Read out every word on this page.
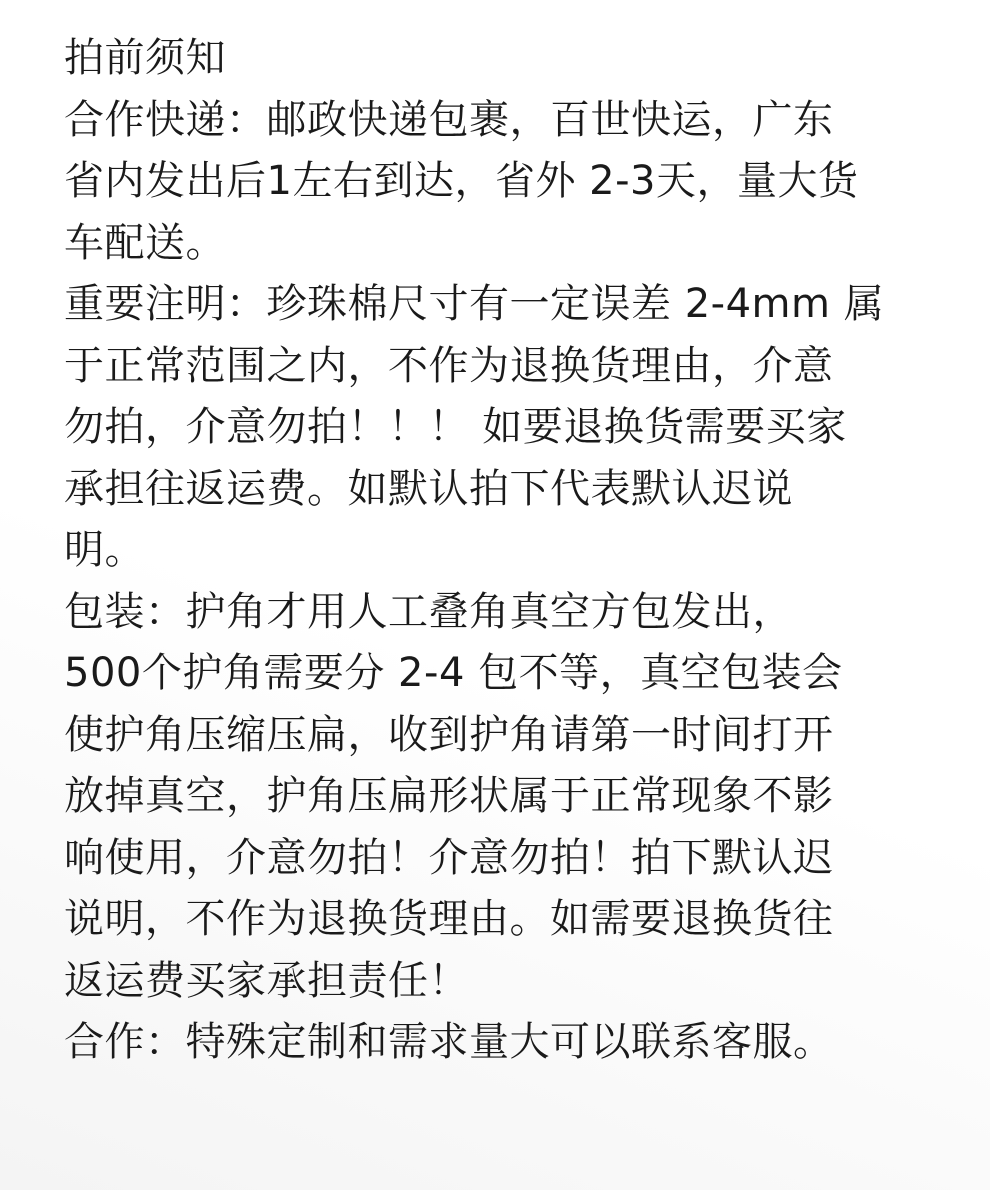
拍前须知
合作快递：邮政快递包裹，百世快运，广东
省内发出后1左右到达，省外 2-3天，量大货
车配送。
重要注明：珍珠棉尺寸有一定误差 2-4mm 属
于正常范围之内，不作为退换货理由，介意
勿拍，介意勿拍！！！ 如要退换货需要买家
承担往返运费。如默认拍下代表默认迟说
明。
包装：护角才用人工叠角真空方包发出，
500个护角需要分 2-4 包不等，真空包装会
使护角压缩压扁，收到护角请第一时间打开
放掉真空，护角压扁形状属于正常现象不影
响使用，介意勿拍！介意勿拍！拍下默认迟
说明，不作为退换货理由。如需要退换货往
返运费买家承担责任！
合作：特殊定制和需求量大可以联系客服。
